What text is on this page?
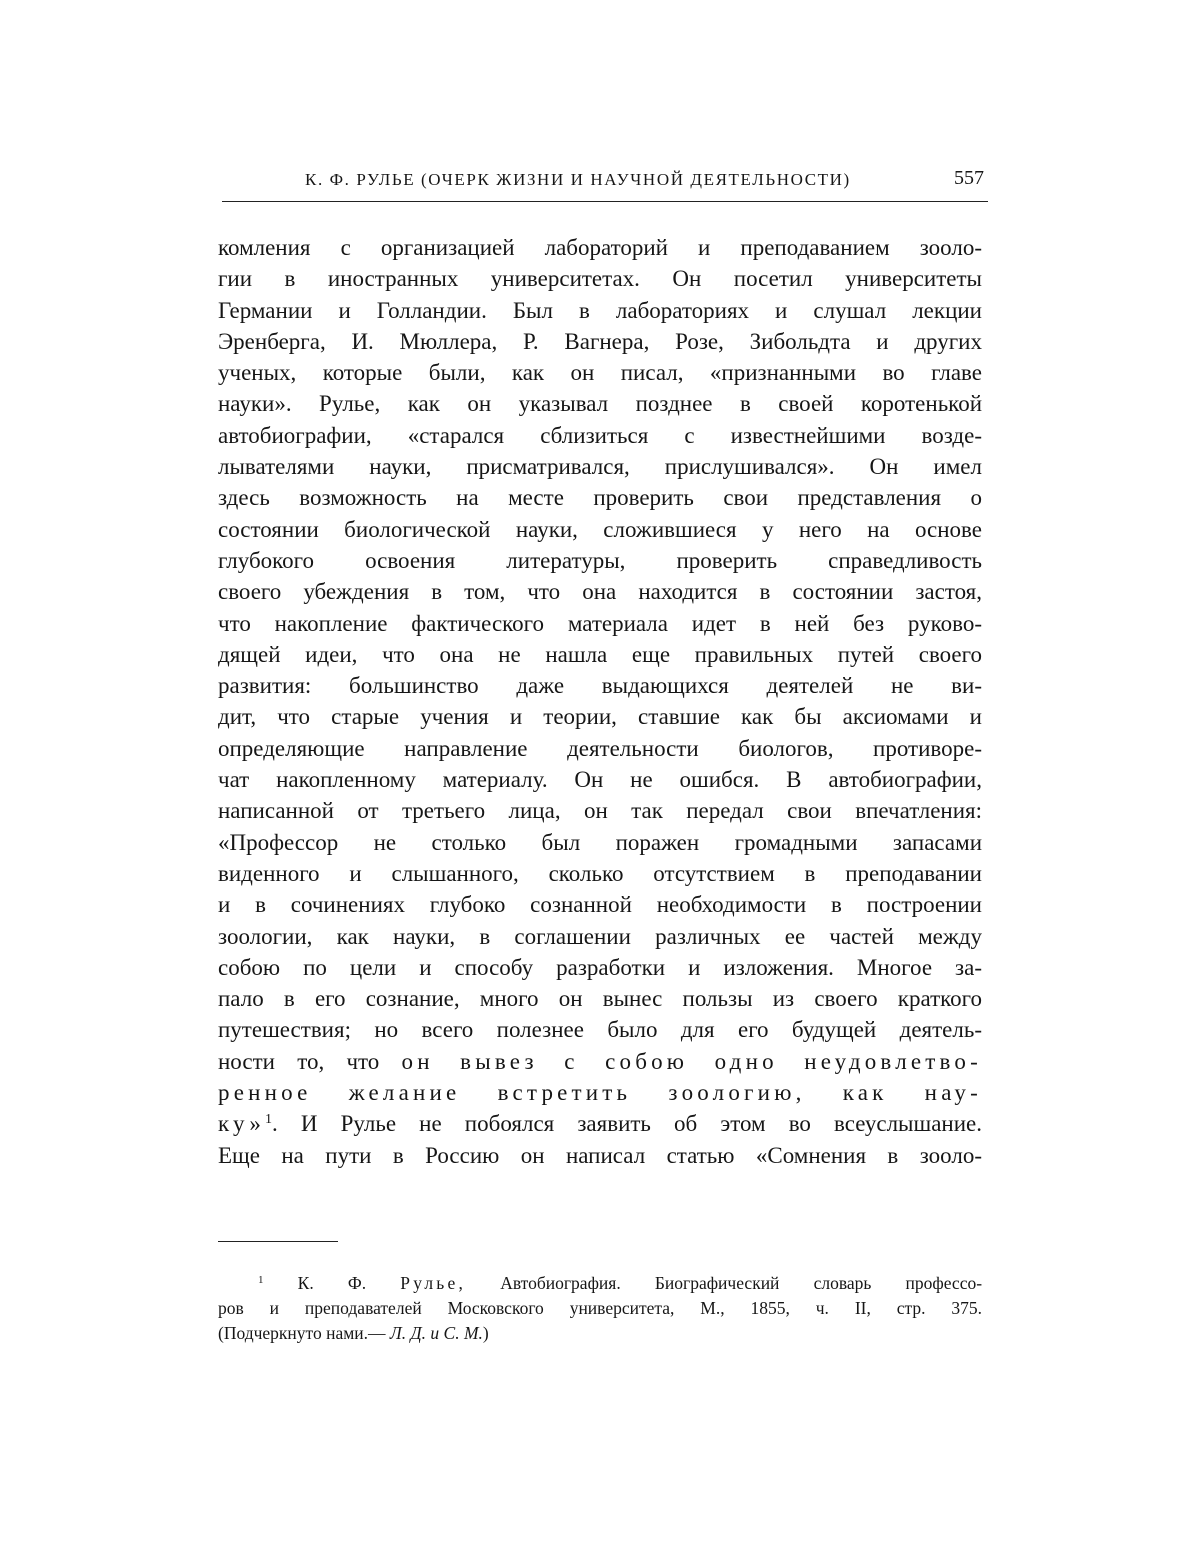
К. Ф. РУЛЬЕ (ОЧЕРК ЖИЗНИ И НАУЧНОЙ ДЕЯТЕЛЬНОСТИ)	557
комления с организацией лабораторий и преподаванием зооло-
гии в иностранных университетах. Он посетил университеты
Германии и Голландии. Был в лабораториях и слушал лекции
Эренберга, И. Мюллера, Р. Вагнера, Розе, Зибольдта и других
ученых, которые были, как он писал, «признанными во главе
науки». Рулье, как он указывал позднее в своей коротенькой
автобиографии, «старался сблизиться с известнейшими возде-
лывателями науки, присматривался, прислушивался». Он имел
здесь возможность на месте проверить свои представления о
состоянии биологической науки, сложившиеся у него на основе
глубокого освоения литературы, проверить справедливость
своего убеждения в том, что она находится в состоянии застоя,
что накопление фактического материала идет в ней без руково-
дящей идеи, что она не нашла еще правильных путей своего
развития: большинство даже выдающихся деятелей не ви-
дит, что старые учения и теории, ставшие как бы аксиомами и
определяющие направление деятельности биологов, противоре-
чат накопленному материалу. Он не ошибся. В автобиографии,
написанной от третьего лица, он так передал свои впечатления:
«Профессор не столько был поражен громадными запасами
виденного и слышанного, сколько отсутствием в преподавании
и в сочинениях глубоко сознанной необходимости в построении
зоологии, как науки, в соглашении различных ее частей между
собою по цели и способу разработки и изложения. Многое за-
пало в его сознание, много он вынес пользы из своего краткого
путешествия; но всего полезнее было для его будущей деятель-
ности то, что он вывез с собою одно неудовлетво-
ренное желание встретить зоологию, как нау-
ку»$^1$. И Рулье не побоялся заявить об этом во всеуслышание.
Еще на пути в Россию он написал статью «Сомнения в зооло-
$^1$ К. Ф. Рулье, Автобиография. Биографический словарь профессо-
ров и преподавателей Московского университета, М., 1855, ч. II, стр. 375.
(Подчеркнуто нами.— Л. Д. и С. М.)
